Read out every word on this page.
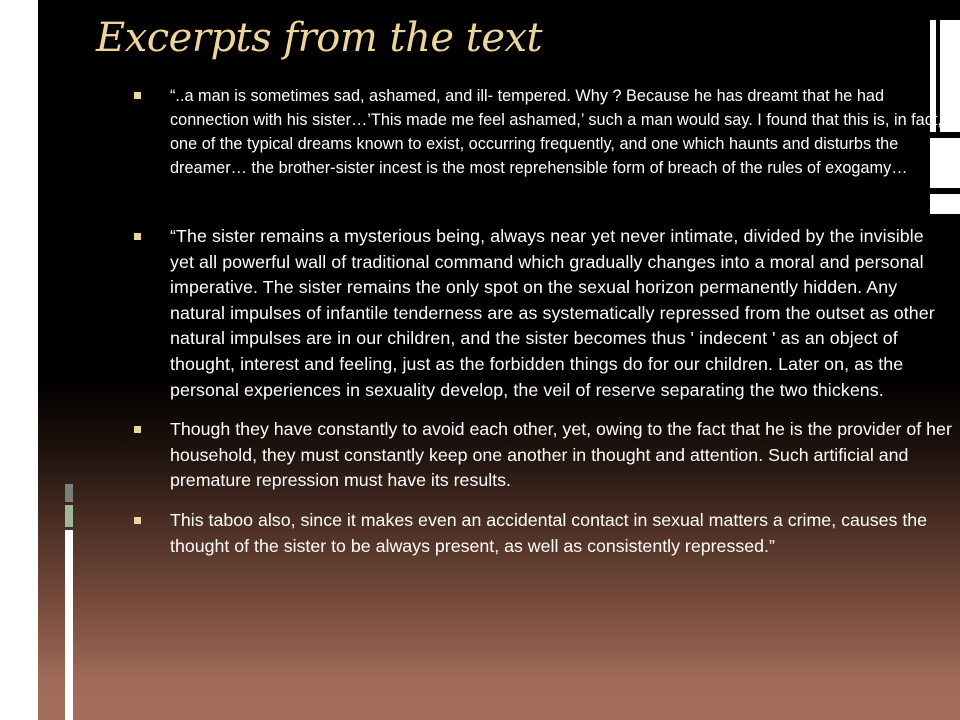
Excerpts from the text
“..a man is sometimes sad, ashamed, and ill- tempered. Why ? Because he has dreamt that he had connection with his sister…’This made me feel ashamed,’ such a man would say. I found that this is, in fact, one of the typical dreams known to exist, occurring frequently, and one which haunts and disturbs the dreamer… the brother-sister incest is the most reprehensible form of breach of the rules of exogamy…
“The sister remains a mysterious being, always near yet never intimate, divided by the invisible yet all powerful wall of traditional command which gradually changes into a moral and personal imperative. The sister remains the only spot on the sexual horizon permanently hidden. Any natural impulses of infantile tenderness are as systematically repressed from the outset as other natural impulses are in our children, and the sister becomes thus ' indecent ' as an object of thought, interest and feeling, just as the forbidden things do for our children. Later on, as the personal experiences in sexuality develop, the veil of reserve separating the two thickens.
Though they have constantly to avoid each other, yet, owing to the fact that he is the provider of her household, they must constantly keep one another in thought and attention. Such artificial and premature repression must have its results.
This taboo also, since it makes even an accidental contact in sexual matters a crime, causes the thought of the sister to be always present, as well as consistently repressed.”
